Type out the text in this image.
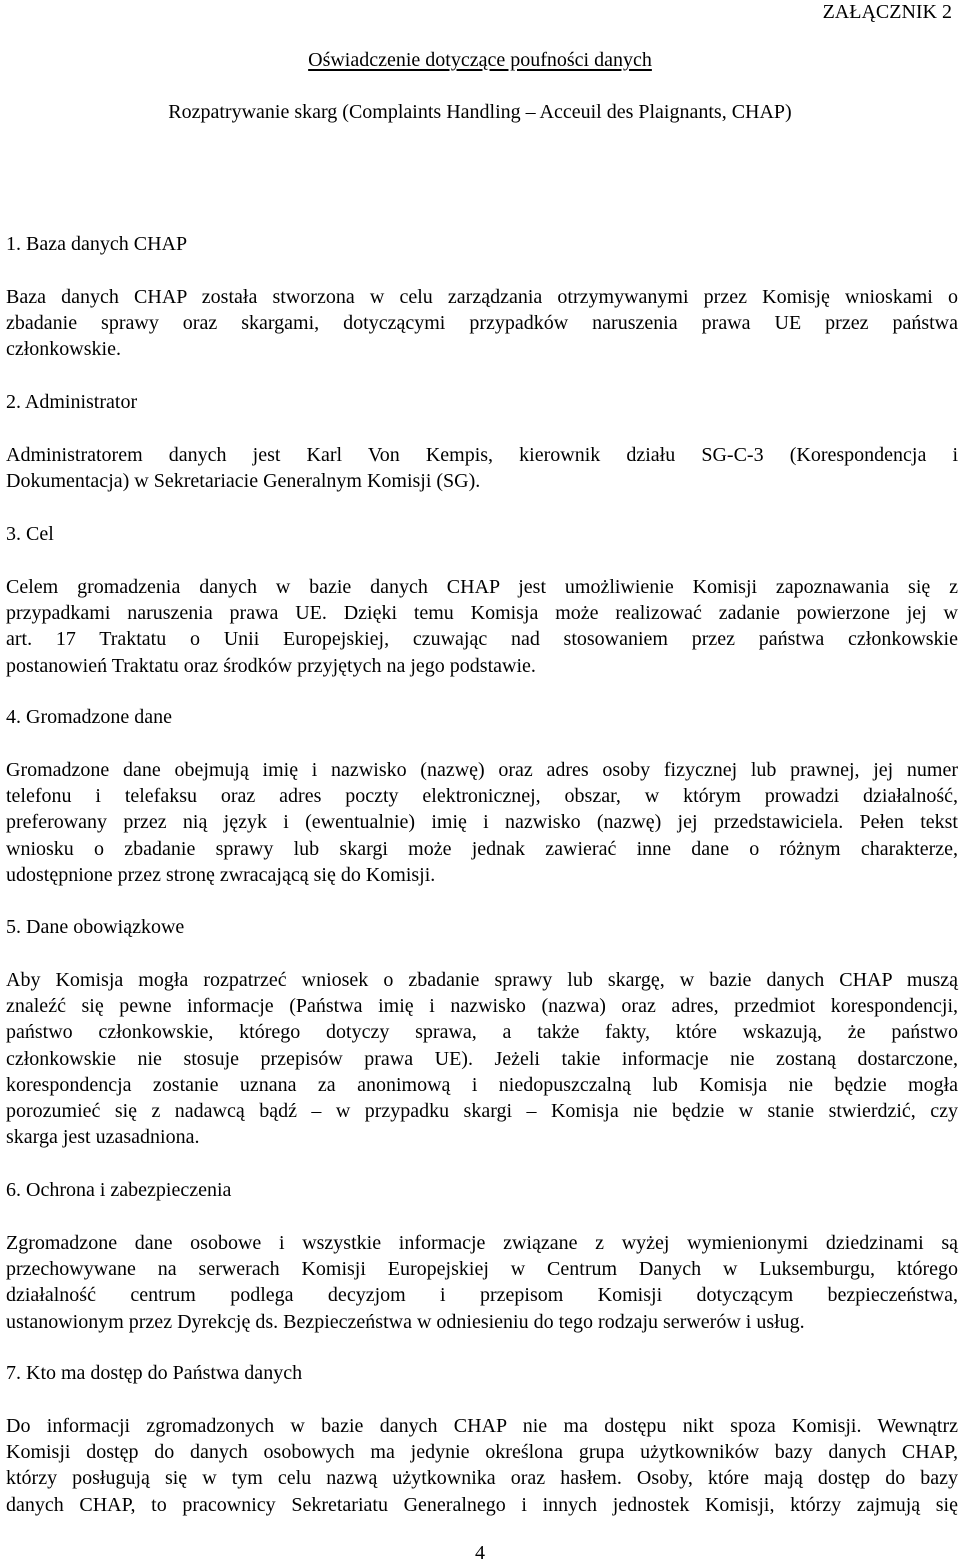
ZAŁĄCZNIK 2
Oświadczenie dotyczące poufności danych
Rozpatrywanie skarg (Complaints Handling – Acceuil des Plaignants, CHAP)

1. Baza danych CHAP

Baza danych CHAP została stworzona w celu zarządzania otrzymywanymi przez Komisję wnioskami o
zbadanie sprawy oraz skargami, dotyczącymi przypadków naruszenia prawa UE przez państwa
członkowskie.

2. Administrator

Administratorem danych jest Karl Von Kempis, kierownik działu SG-C-3 (Korespondencja i
Dokumentacja) w Sekretariacie Generalnym Komisji (SG).

3. Cel

Celem gromadzenia danych w bazie danych CHAP jest umożliwienie Komisji zapoznawania się z
przypadkami naruszenia prawa UE. Dzięki temu Komisja może realizować zadanie powierzone jej w
art. 17 Traktatu o Unii Europejskiej, czuwając nad stosowaniem przez państwa członkowskie
postanowień Traktatu oraz środków przyjętych na jego podstawie.

4. Gromadzone dane

Gromadzone dane obejmują imię i nazwisko (nazwę) oraz adres osoby fizycznej lub prawnej, jej numer
telefonu i telefaksu oraz adres poczty elektronicznej, obszar, w którym prowadzi działalność,
preferowany przez nią język i (ewentualnie) imię i nazwisko (nazwę) jej przedstawiciela. Pełen tekst
wniosku o zbadanie sprawy lub skargi może jednak zawierać inne dane o różnym charakterze,
udostępnione przez stronę zwracającą się do Komisji.

5. Dane obowiązkowe

Aby Komisja mogła rozpatrzeć wniosek o zbadanie sprawy lub skargę, w bazie danych CHAP muszą
znaleźć się pewne informacje (Państwa imię i nazwisko (nazwa) oraz adres, przedmiot korespondencji,
państwo członkowskie, którego dotyczy sprawa, a także fakty, które wskazują, że państwo
członkowskie nie stosuje przepisów prawa UE). Jeżeli takie informacje nie zostaną dostarczone,
korespondencja zostanie uznana za anonimową i niedopuszczalną lub Komisja nie będzie mogła
porozumieć się z nadawcą bądź – w przypadku skargi – Komisja nie będzie w stanie stwierdzić, czy
skarga jest uzasadniona.

6. Ochrona i zabezpieczenia

Zgromadzone dane osobowe i wszystkie informacje związane z wyżej wymienionymi dziedzinami są
przechowywane na serwerach Komisji Europejskiej w Centrum Danych w Luksemburgu, którego
działalność centrum podlega decyzjom i przepisom Komisji dotyczącym bezpieczeństwa,
ustanowionym przez Dyrekcję ds. Bezpieczeństwa w odniesieniu do tego rodzaju serwerów i usług.

7. Kto ma dostęp do Państwa danych

Do informacji zgromadzonych w bazie danych CHAP nie ma dostępu nikt spoza Komisji. Wewnątrz
Komisji dostęp do danych osobowych ma jedynie określona grupa użytkowników bazy danych CHAP,
którzy posługują się w tym celu nazwą użytkownika oraz hasłem. Osoby, które mają dostęp do bazy
danych CHAP, to pracownicy Sekretariatu Generalnego i innych jednostek Komisji, którzy zajmują się

4
